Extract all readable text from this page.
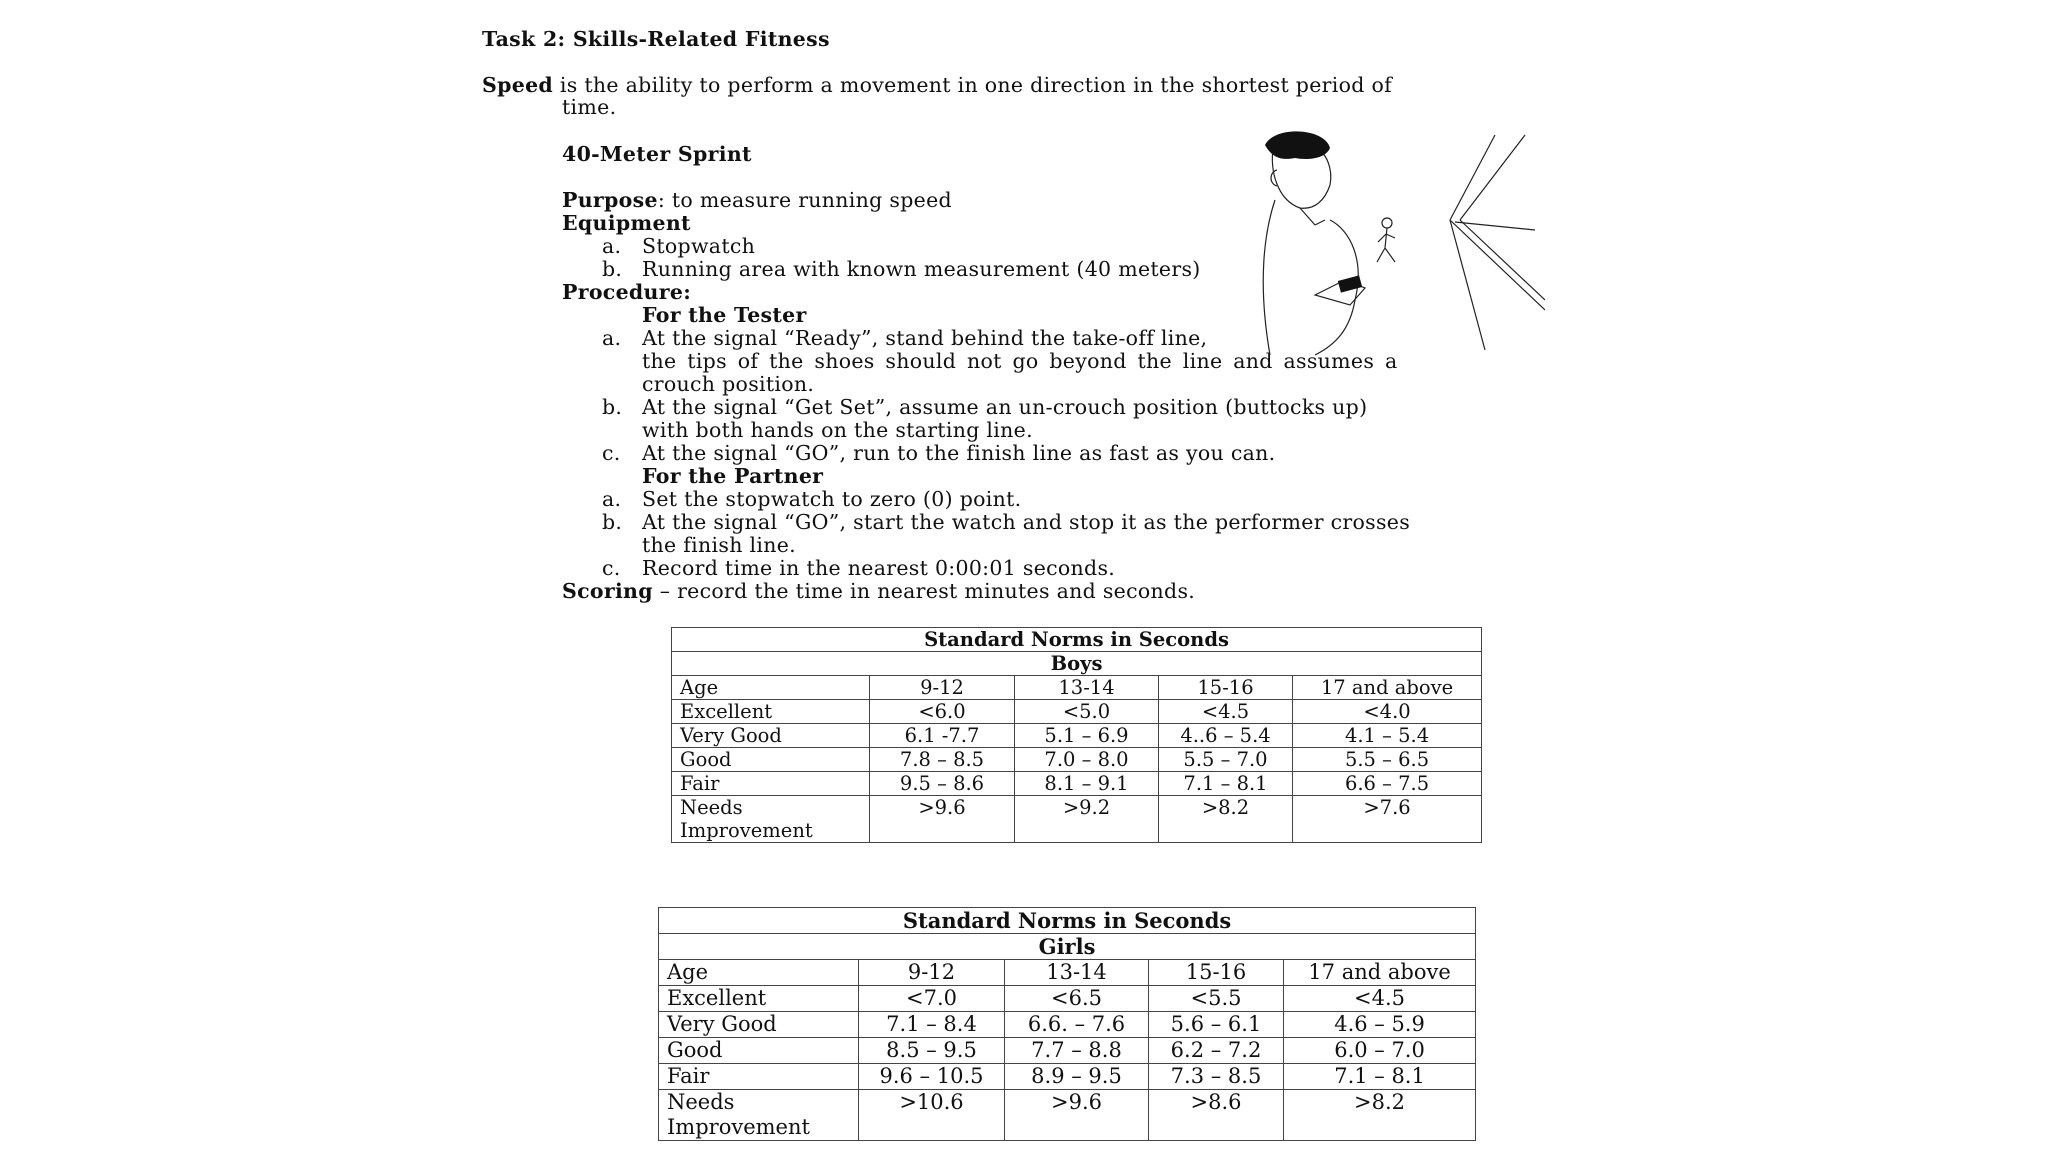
Task 2: Skills-Related Fitness
Speed is the ability to perform a movement in one direction in the shortest period of
time.
40-Meter Sprint
Purpose: to measure running speed
Equipment
a. Stopwatch
b. Running area with known measurement (40 meters)
Procedure:
For the Tester
a. At the signal “Ready”, stand behind the take-off line,
the tips of the shoes should not go beyond the line and assumes a
crouch position.
b. At the signal “Get Set”, assume an un-crouch position (buttocks up)
with both hands on the starting line.
c. At the signal “GO”, run to the finish line as fast as you can.
For the Partner
a. Set the stopwatch to zero (0) point.
b. At the signal “GO”, start the watch and stop it as the performer crosses
the finish line.
c. Record time in the nearest 0:00:01 seconds.
Scoring – record the time in nearest minutes and seconds.
Standard Norms in Seconds				
Boys				
Age	9-12	13-14	15-16	17 and above
Excellent	<6.0	<5.0	<4.5	<4.0
Very Good	6.1 -7.7	5.1 – 6.9	4..6 – 5.4	4.1 – 5.4
Good	7.8 – 8.5	7.0 – 8.0	5.5 – 7.0	5.5 – 6.5
Fair	9.5 – 8.6	8.1 – 9.1	7.1 – 8.1	6.6 – 7.5
Needs Improvement	>9.6	>9.2	>8.2	>7.6
Standard Norms in Seconds				
Girls				
Age	9-12	13-14	15-16	17 and above
Excellent	<7.0	<6.5	<5.5	<4.5
Very Good	7.1 – 8.4	6.6. – 7.6	5.6 – 6.1	4.6 – 5.9
Good	8.5 – 9.5	7.7 – 8.8	6.2 – 7.2	6.0 – 7.0
Fair	9.6 – 10.5	8.9 – 9.5	7.3 – 8.5	7.1 – 8.1
Needs Improvement	>10.6	>9.6	>8.6	>8.2
